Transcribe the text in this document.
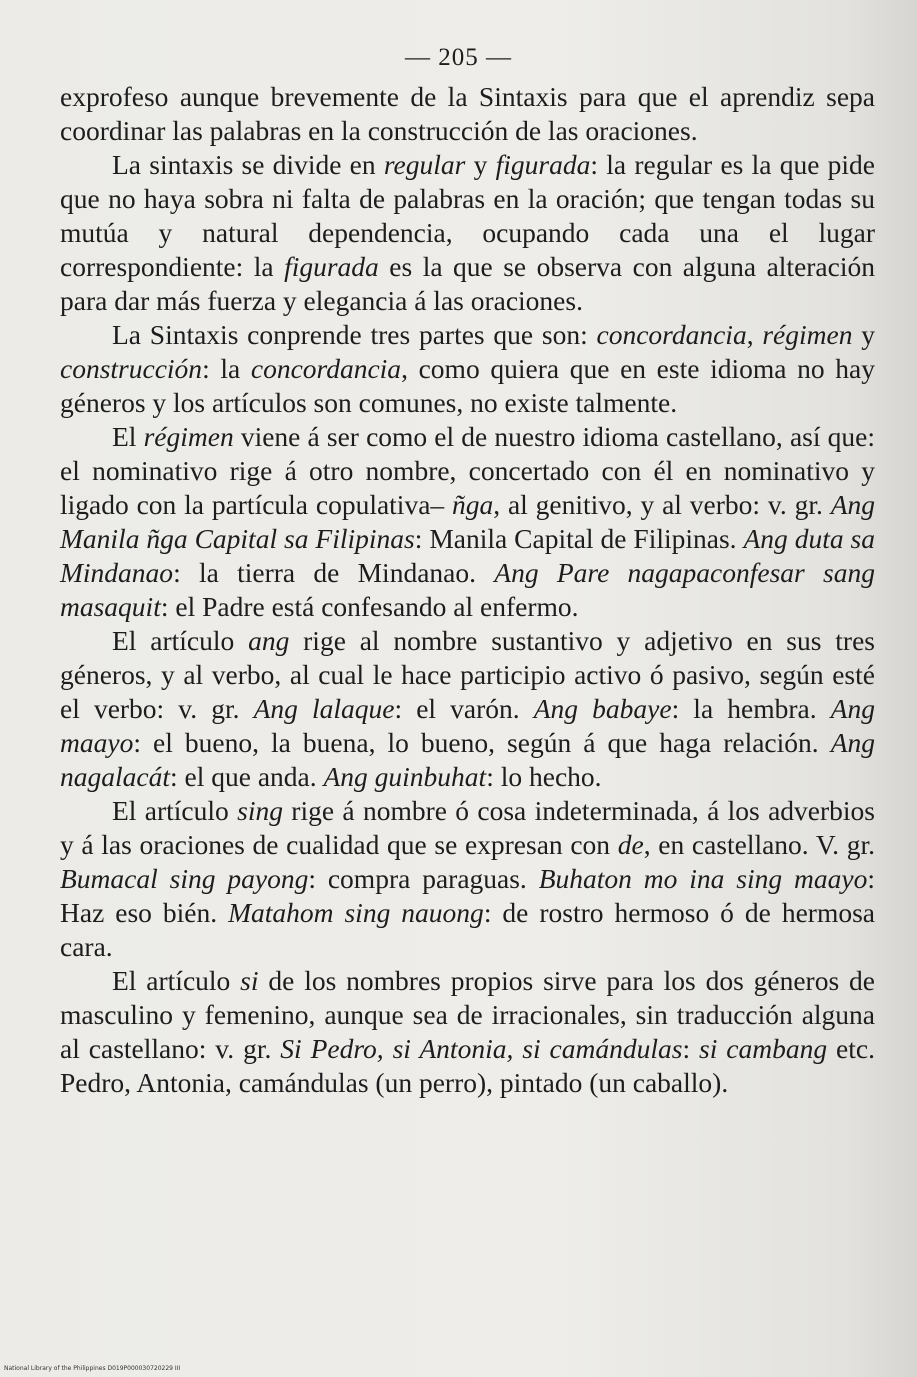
— 205 —

exprofeso aunque brevemente de la Sintaxis para que el aprendiz sepa coordinar las palabras en la construcción de las oraciones.

La sintaxis se divide en regular y figurada: la regular es la que pide que no haya sobra ni falta de palabras en la oración; que tengan todas su mutúa y natural dependencia, ocupando cada una el lugar correspondiente: la figurada es la que se observa con alguna alteración para dar más fuerza y elegancia á las oraciones.

La Sintaxis conprende tres partes que son: concordancia, régimen y construcción: la concordancia, como quiera que en este idioma no hay géneros y los artículos son comunes, no existe talmente.

El régimen viene á ser como el de nuestro idioma castellano, así que: el nominativo rige á otro nombre, concertado con él en nominativo y ligado con la partícula copulativa– ñga, al genitivo, y al verbo: v. gr. Ang Manila ñga Capital sa Filipinas: Manila Capital de Filipinas. Ang duta sa Mindanao: la tierra de Mindanao. Ang Pare nagapaconfesar sang masaquit: el Padre está confesando al enfermo.

El artículo ang rige al nombre sustantivo y adjetivo en sus tres géneros, y al verbo, al cual le hace participio activo ó pasivo, según esté el verbo: v. gr. Ang lalaque: el varón. Ang babaye: la hembra. Ang maayo: el bueno, la buena, lo bueno, según á que haga relación. Ang nagalacát: el que anda. Ang guinbuhat: lo hecho.

El artículo sing rige á nombre ó cosa indeterminada, á los adverbios y á las oraciones de cualidad que se expresan con de, en castellano. V. gr. Bumacal sing payong: compra paraguas. Buhaton mo ina sing maayo: Haz eso bién. Matahom sing nauong: de rostro hermoso ó de hermosa cara.

El artículo si de los nombres propios sirve para los dos géneros de masculino y femenino, aunque sea de irracionales, sin traducción alguna al castellano: v. gr. Si Pedro, si Antonia, si camándulas: si cambang etc. Pedro, Antonia, camándulas (un perro), pintado (un caballo).

National Library of the Philippines D019P000030720229 III
